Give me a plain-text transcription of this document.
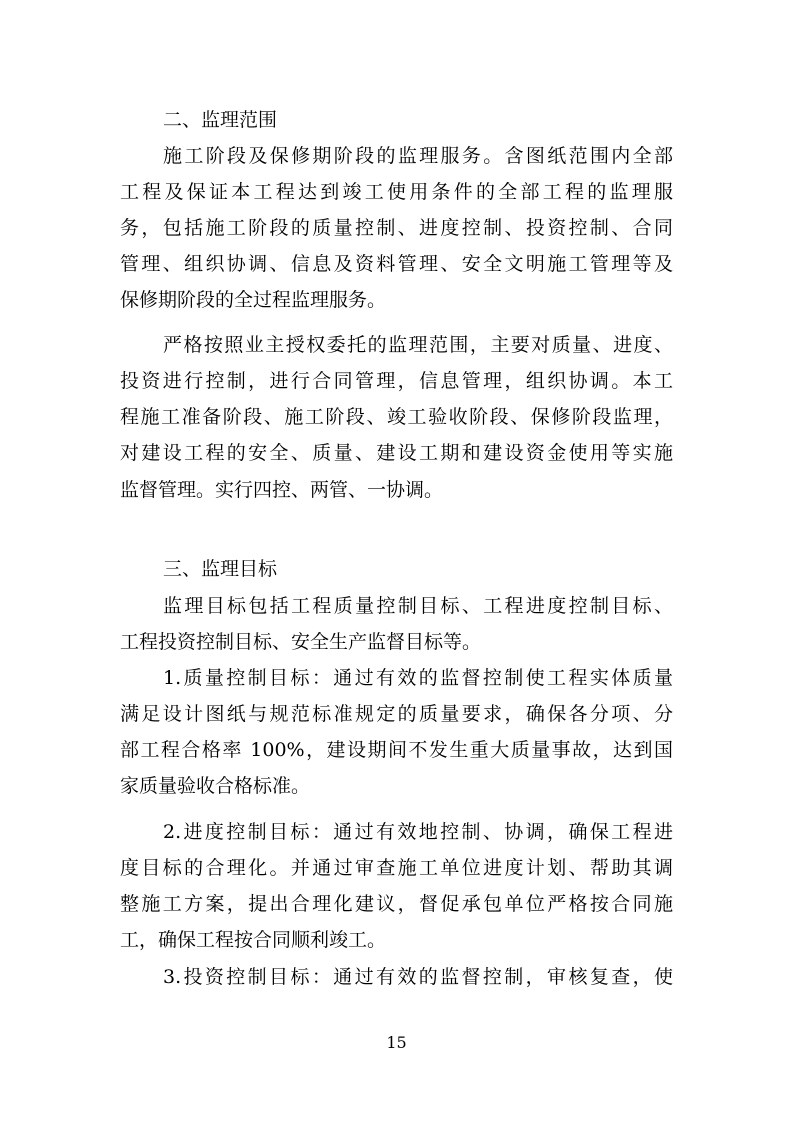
二、监理范围
施工阶段及保修期阶段的监理服务。含图纸范围内全部
工程及保证本工程达到竣工使用条件的全部工程的监理服
务，包括施工阶段的质量控制、进度控制、投资控制、合同
管理、组织协调、信息及资料管理、安全文明施工管理等及
保修期阶段的全过程监理服务。
严格按照业主授权委托的监理范围，主要对质量、进度、
投资进行控制，进行合同管理，信息管理，组织协调。本工
程施工准备阶段、施工阶段、竣工验收阶段、保修阶段监理，
对建设工程的安全、质量、建设工期和建设资金使用等实施
监督管理。实行四控、两管、一协调。
三、监理目标
监理目标包括工程质量控制目标、工程进度控制目标、
工程投资控制目标、安全生产监督目标等。
1.质量控制目标：通过有效的监督控制使工程实体质量
满足设计图纸与规范标准规定的质量要求，确保各分项、分
部工程合格率 100%，建设期间不发生重大质量事故，达到国
家质量验收合格标准。
2.进度控制目标：通过有效地控制、协调，确保工程进
度目标的合理化。并通过审查施工单位进度计划、帮助其调
整施工方案，提出合理化建议，督促承包单位严格按合同施
工，确保工程按合同顺利竣工。
3.投资控制目标：通过有效的监督控制，审核复查，使
15
